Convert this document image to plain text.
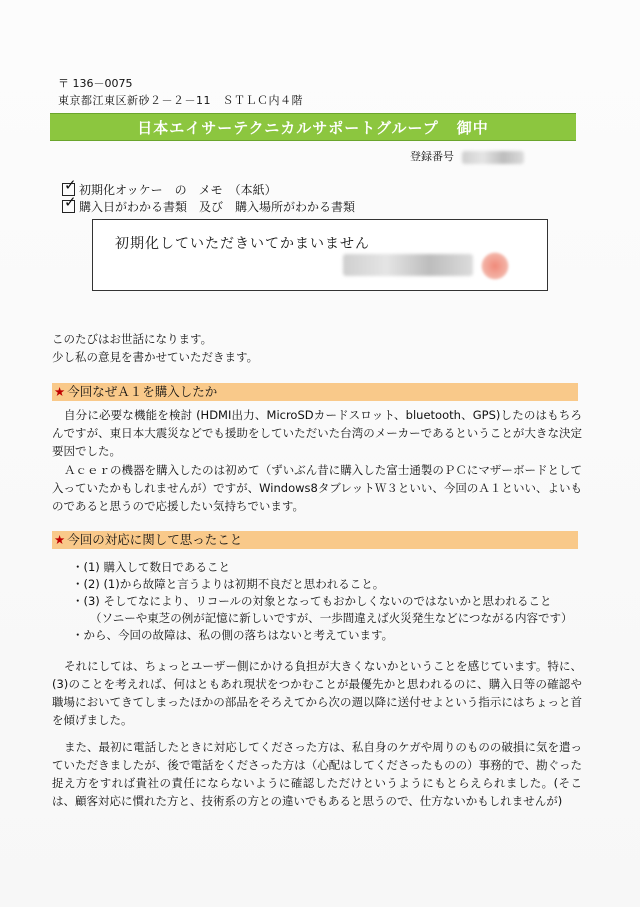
〒 136－0075
東京都江東区新砂２－２－11　ＳＴＬＣ内４階
日本エイサーテクニカルサポートグループ 御中
登録番号
✓ 初期化オッケー　の　メモ　（本紙）
✓ 購入日がわかる書類　及び　購入場所がわかる書類
初期化していただきいてかまいません
このたびはお世話になります。
少し私の意見を書かせていただきます。
★ 今回なぜＡ１を購入したか
自分に必要な機能を検討 (HDMI出力、MicroSDカードスロット、bluetooth、GPS)したのはもちろんですが、東日本大震災などでも援助をしていただいた台湾のメーカーであるということが大きな決定要因でした。
Ａｃｅｒの機器を購入したのは初めて（ずいぶん昔に購入した富士通製のＰＣにマザーボードとして入っていたかもしれませんが）ですが、Windows8タブレットＷ３といい、今回のＡ１といい、よいものであると思うので応援したい気持ちでいます。
★ 今回の対応に関して思ったこと
・(1) 購入して数日であること
・(2) (1)から故障と言うよりは初期不良だと思われること。
・(3) そしてなにより、リコールの対象となってもおかしくないのではないかと思われること
（ソニーや東芝の例が記憶に新しいですが、一歩間違えば火災発生などにつながる内容です）
・から、今回の故障は、私の側の落ちはないと考えています。
それにしては、ちょっとユーザー側にかける負担が大きくないかということを感じています。特に、(3)のことを考えれば、何はともあれ現状をつかむことが最優先かと思われるのに、購入日等の確認や職場においてきてしまったほかの部品をそろえてから次の週以降に送付せよという指示にはちょっと首を傾げました。
また、最初に電話したときに対応してくださった方は、私自身のケガや周りのものの破損に気を遣っていただきましたが、後で電話をくださった方は（心配はしてくださったものの）事務的で、勘ぐった捉え方をすれば貴社の責任にならないように確認しただけというようにもとらえられました。(そこは、顧客対応に慣れた方と、技術系の方との違いでもあると思うので、仕方ないかもしれませんが)
